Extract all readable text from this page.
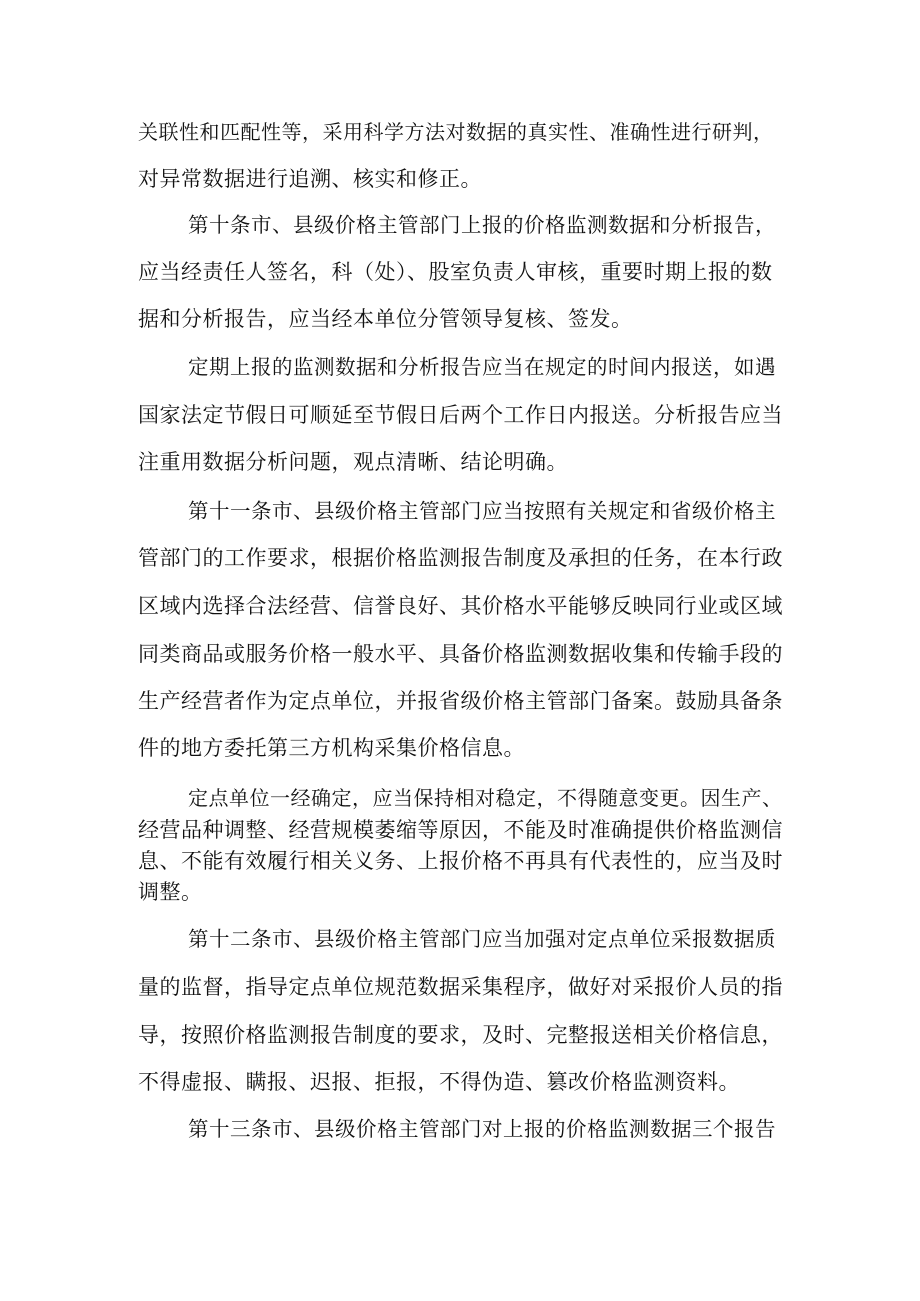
关联性和匹配性等，采用科学方法对数据的真实性、准确性进行研判，
对异常数据进行追溯、核实和修正。
第十条市、县级价格主管部门上报的价格监测数据和分析报告，
应当经责任人签名，科（处）、股室负责人审核，重要时期上报的数
据和分析报告，应当经本单位分管领导复核、签发。
定期上报的监测数据和分析报告应当在规定的时间内报送，如遇
国家法定节假日可顺延至节假日后两个工作日内报送。分析报告应当
注重用数据分析问题，观点清晰、结论明确。
第十一条市、县级价格主管部门应当按照有关规定和省级价格主
管部门的工作要求，根据价格监测报告制度及承担的任务，在本行政
区域内选择合法经营、信誉良好、其价格水平能够反映同行业或区域
同类商品或服务价格一般水平、具备价格监测数据收集和传输手段的
生产经营者作为定点单位，并报省级价格主管部门备案。鼓励具备条
件的地方委托第三方机构采集价格信息。
定点单位一经确定，应当保持相对稳定，不得随意变更。因生产、
经营品种调整、经营规模萎缩等原因，不能及时准确提供价格监测信
息、不能有效履行相关义务、上报价格不再具有代表性的，应当及时
调整。
第十二条市、县级价格主管部门应当加强对定点单位采报数据质
量的监督，指导定点单位规范数据采集程序，做好对采报价人员的指
导，按照价格监测报告制度的要求，及时、完整报送相关价格信息，
不得虚报、瞒报、迟报、拒报，不得伪造、篡改价格监测资料。
第十三条市、县级价格主管部门对上报的价格监测数据三个报告
